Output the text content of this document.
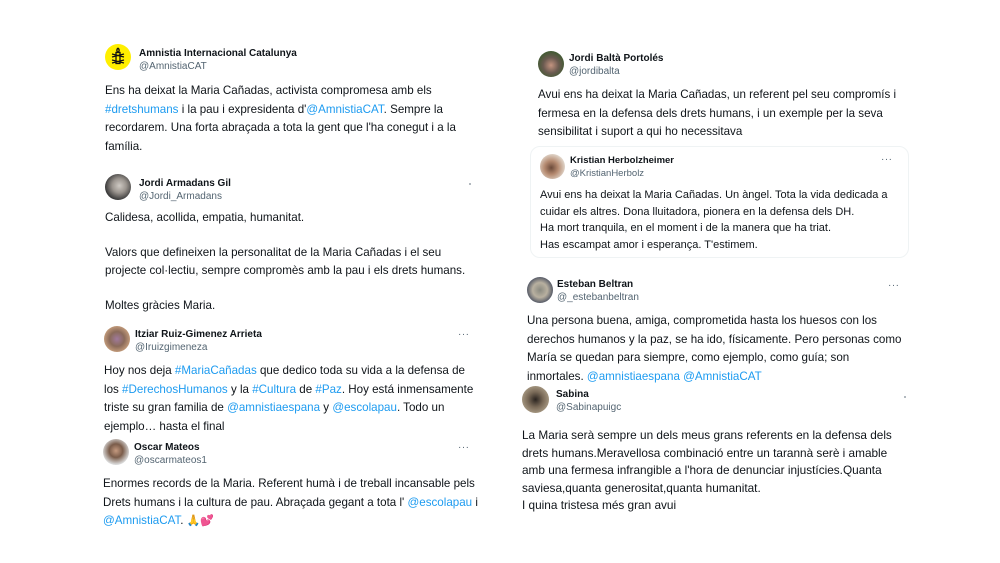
Amnistia Internacional Catalunya
@AmnistiaCAT
Ens ha deixat la Maria Cañadas, activista compromesa amb els
#dretshumans i la pau i expresidenta d'@AmnistiaCAT. Sempre la
recordarem. Una forta abraçada a tota la gent que l'ha conegut i a la
família.
Jordi Armadans Gil
@Jordi_Armadans
Calidesa, acollida, empatia, humanitat.
Valors que defineixen la personalitat de la Maria Cañadas i el seu
projecte col·lectiu, sempre compromès amb la pau i els drets humans.
Moltes gràcies Maria.
Itziar Ruiz-Gimenez Arrieta
@Iruizgimeneza
···
Hoy nos deja #MariaCañadas que dedico toda su vida a la defensa de
los #DerechosHumanos y la #Cultura de #Paz. Hoy está inmensamente
triste su gran familia de @amnistiaespana y @escolapau. Todo un
ejemplo… hasta el final
Oscar Mateos
@oscarmateos1
···
Enormes records de la Maria. Referent humà i de treball incansable pels
Drets humans i la cultura de pau. Abraçada gegant a tota l' @escolapau i
@AmnistiaCAT. 🙏💕
Jordi Baltà Portolés
@jordibalta
Avui ens ha deixat la Maria Cañadas, un referent pel seu compromís i
fermesa en la defensa dels drets humans, i un exemple per la seva
sensibilitat i suport a qui ho necessitava
Kristian Herbolzheimer
@KristianHerbolz
···
Avui ens ha deixat la Maria Cañadas. Un àngel. Tota la vida dedicada a
cuidar els altres. Dona lluitadora, pionera en la defensa dels DH.
Ha mort tranquila, en el moment i de la manera que ha triat.
Has escampat amor i esperança. T'estimem.
Esteban Beltran
@_estebanbeltran
···
Una persona buena, amiga, comprometida hasta los huesos con los
derechos humanos y la paz, se ha ido, físicamente. Pero personas como
María se quedan para siempre, como ejemplo, como guía; son
inmortales. @amnistiaespana @AmnistiaCAT
Sabina
@Sabinapuigc
La Maria serà sempre un dels meus grans referents en la defensa dels
drets humans.Meravellosa combinació entre un tarannà serè i amable
amb una fermesa infrangible a l'hora de denunciar injustícies.Quanta
saviesa,quanta generositat,quanta humanitat.
I quina tristesa més gran avui
